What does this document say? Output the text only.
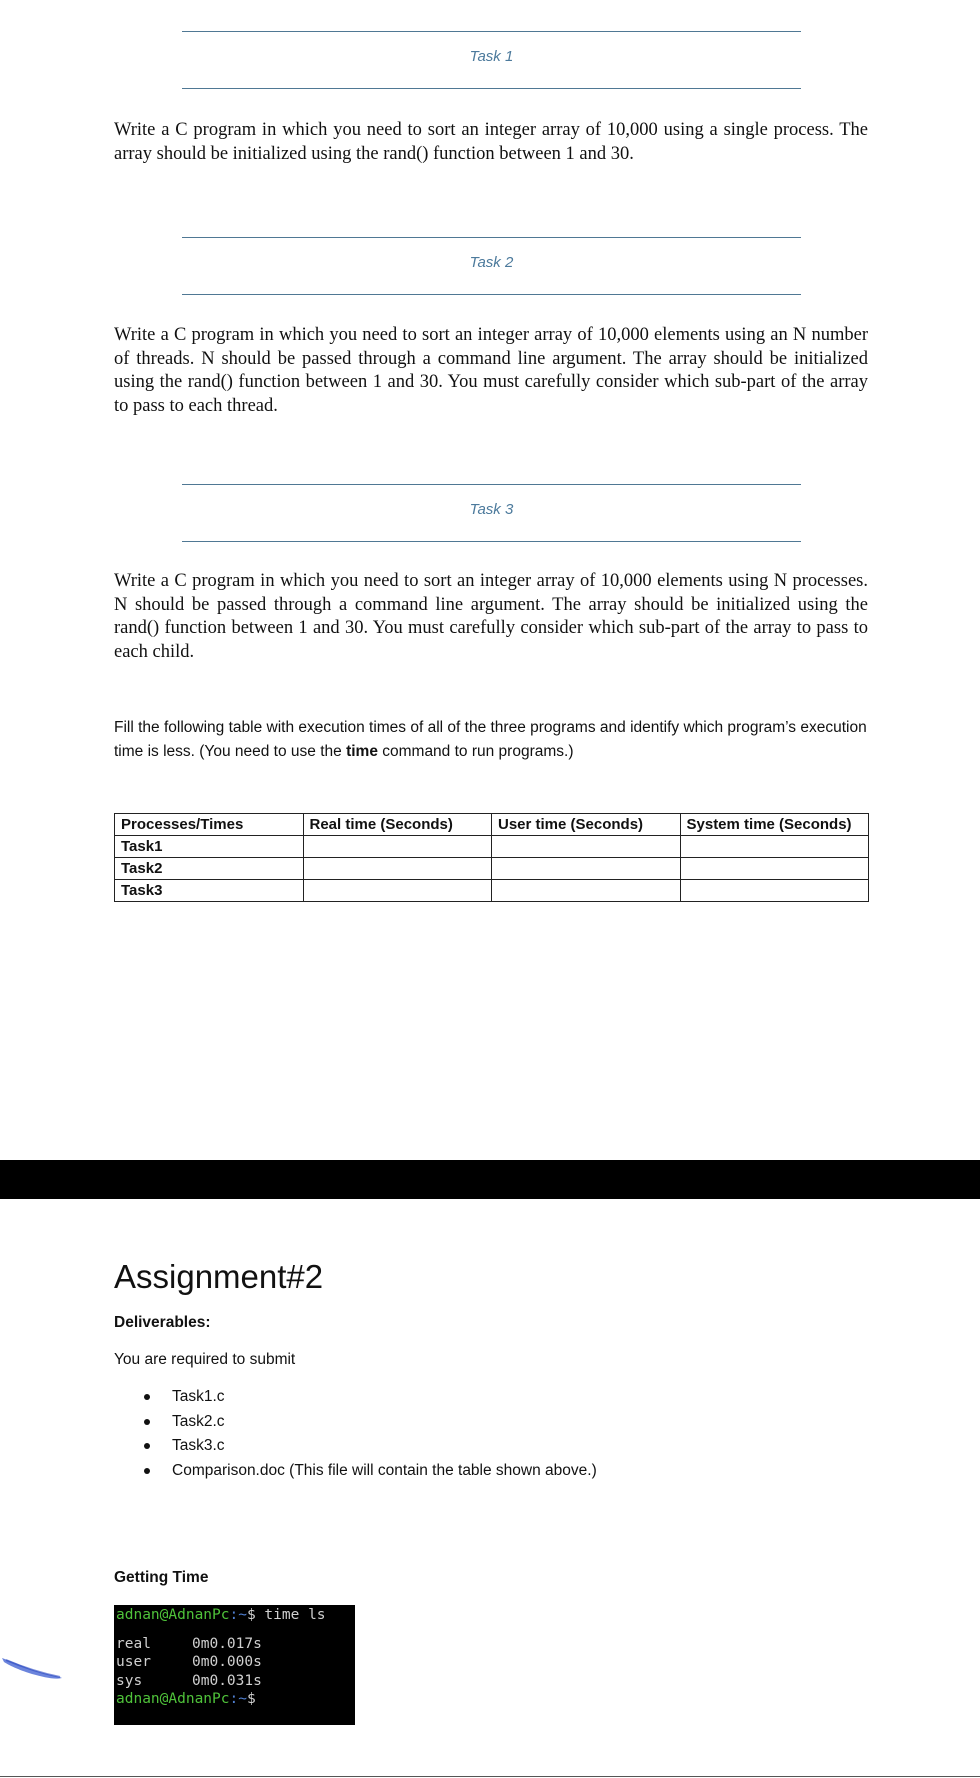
Task 1
Write a C program in which you need to sort an integer array of 10,000 using a single process. The array should be initialized using the rand() function between 1 and 30.
Task 2
Write a C program in which you need to sort an integer array of 10,000 elements using an N number of threads. N should be passed through a command line argument. The array should be initialized using the rand() function between 1 and 30. You must carefully consider which sub-part of the array to pass to each thread.
Task 3
Write a C program in which you need to sort an integer array of 10,000 elements using N processes. N should be passed through a command line argument. The array should be initialized using the rand() function between 1 and 30. You must carefully consider which sub-part of the array to pass to each child.
Fill the following table with execution times of all of the three programs and identify which program’s execution time is less. (You need to use the time command to run programs.)
Processes/Times	Real time (Seconds)	User time (Seconds)	System time (Seconds)
Task1			
Task2			
Task3			
Assignment#2
Deliverables:
You are required to submit
Task1.c
Task2.c
Task3.c
Comparison.doc (This file will contain the table shown above.)
Getting Time
adnan@AdnanPc:~$ time ls
real	0m0.017s
user	0m0.000s
sys	0m0.031s
adnan@AdnanPc:~$
